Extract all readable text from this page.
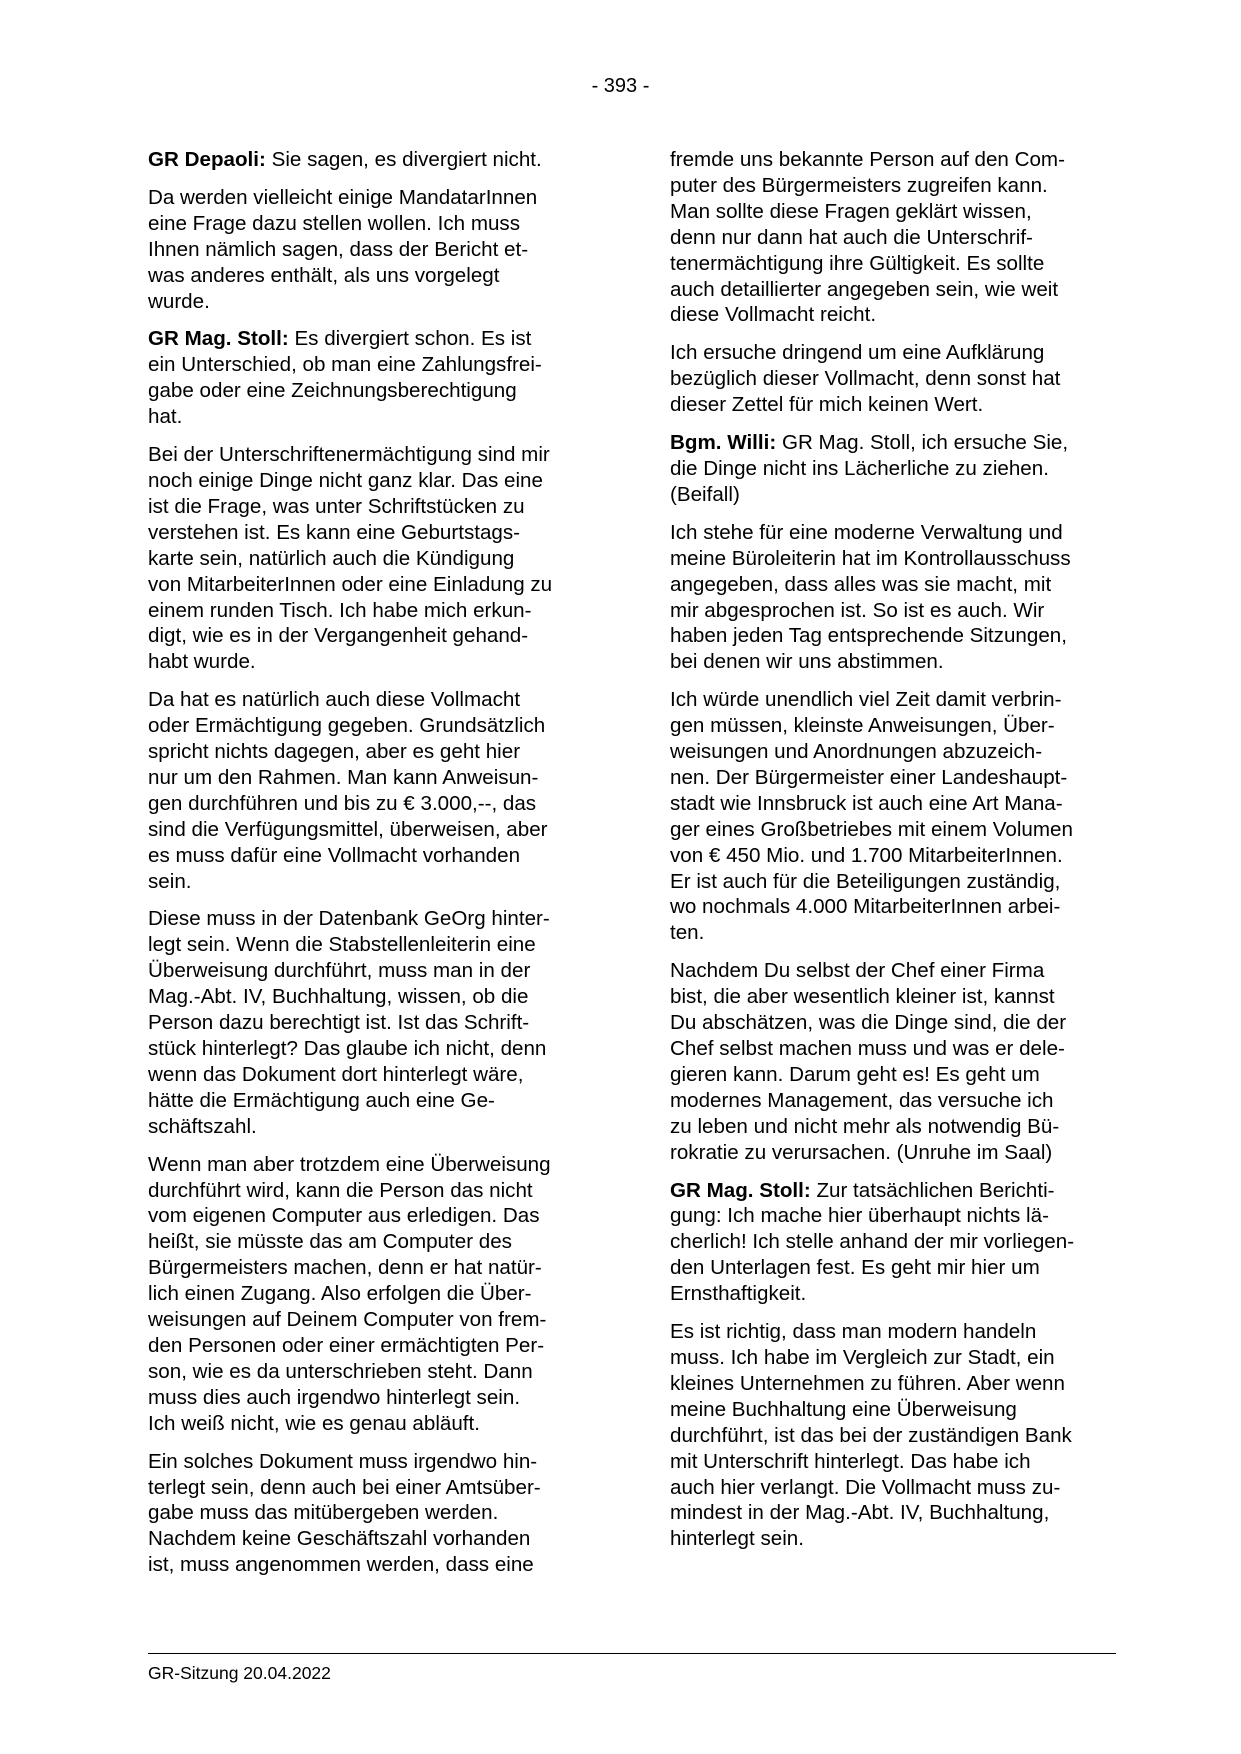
- 393 -

GR Depaoli: Sie sagen, es divergiert nicht.

Da werden vielleicht einige MandatarInnen
eine Frage dazu stellen wollen. Ich muss
Ihnen nämlich sagen, dass der Bericht et-
was anderes enthält, als uns vorgelegt
wurde.

GR Mag. Stoll: Es divergiert schon. Es ist
ein Unterschied, ob man eine Zahlungsfrei-
gabe oder eine Zeichnungsberechtigung
hat.

Bei der Unterschriftenermächtigung sind mir
noch einige Dinge nicht ganz klar. Das eine
ist die Frage, was unter Schriftstücken zu
verstehen ist. Es kann eine Geburtstags-
karte sein, natürlich auch die Kündigung
von MitarbeiterInnen oder eine Einladung zu
einem runden Tisch. Ich habe mich erkun-
digt, wie es in der Vergangenheit gehand-
habt wurde.

Da hat es natürlich auch diese Vollmacht
oder Ermächtigung gegeben. Grundsätzlich
spricht nichts dagegen, aber es geht hier
nur um den Rahmen. Man kann Anweisun-
gen durchführen und bis zu € 3.000,--, das
sind die Verfügungsmittel, überweisen, aber
es muss dafür eine Vollmacht vorhanden
sein.

Diese muss in der Datenbank GeOrg hinter-
legt sein. Wenn die Stabstellenleiterin eine
Überweisung durchführt, muss man in der
Mag.-Abt. IV, Buchhaltung, wissen, ob die
Person dazu berechtigt ist. Ist das Schrift-
stück hinterlegt? Das glaube ich nicht, denn
wenn das Dokument dort hinterlegt wäre,
hätte die Ermächtigung auch eine Ge-
schäftszahl.

Wenn man aber trotzdem eine Überweisung
durchführt wird, kann die Person das nicht
vom eigenen Computer aus erledigen. Das
heißt, sie müsste das am Computer des
Bürgermeisters machen, denn er hat natür-
lich einen Zugang. Also erfolgen die Über-
weisungen auf Deinem Computer von frem-
den Personen oder einer ermächtigten Per-
son, wie es da unterschrieben steht. Dann
muss dies auch irgendwo hinterlegt sein.
Ich weiß nicht, wie es genau abläuft.

Ein solches Dokument muss irgendwo hin-
terlegt sein, denn auch bei einer Amtsüber-
gabe muss das mitübergeben werden.
Nachdem keine Geschäftszahl vorhanden
ist, muss angenommen werden, dass eine

fremde uns bekannte Person auf den Com-
puter des Bürgermeisters zugreifen kann.
Man sollte diese Fragen geklärt wissen,
denn nur dann hat auch die Unterschrif-
tenermächtigung ihre Gültigkeit. Es sollte
auch detaillierter angegeben sein, wie weit
diese Vollmacht reicht.

Ich ersuche dringend um eine Aufklärung
bezüglich dieser Vollmacht, denn sonst hat
dieser Zettel für mich keinen Wert.

Bgm. Willi: GR Mag. Stoll, ich ersuche Sie,
die Dinge nicht ins Lächerliche zu ziehen.
(Beifall)

Ich stehe für eine moderne Verwaltung und
meine Büroleiterin hat im Kontrollausschuss
angegeben, dass alles was sie macht, mit
mir abgesprochen ist. So ist es auch. Wir
haben jeden Tag entsprechende Sitzungen,
bei denen wir uns abstimmen.

Ich würde unendlich viel Zeit damit verbrin-
gen müssen, kleinste Anweisungen, Über-
weisungen und Anordnungen abzuzeich-
nen. Der Bürgermeister einer Landeshaupt-
stadt wie Innsbruck ist auch eine Art Mana-
ger eines Großbetriebes mit einem Volumen
von € 450 Mio. und 1.700 MitarbeiterInnen.
Er ist auch für die Beteiligungen zuständig,
wo nochmals 4.000 MitarbeiterInnen arbei-
ten.

Nachdem Du selbst der Chef einer Firma
bist, die aber wesentlich kleiner ist, kannst
Du abschätzen, was die Dinge sind, die der
Chef selbst machen muss und was er dele-
gieren kann. Darum geht es! Es geht um
modernes Management, das versuche ich
zu leben und nicht mehr als notwendig Bü-
rokratie zu verursachen. (Unruhe im Saal)

GR Mag. Stoll: Zur tatsächlichen Berichti-
gung: Ich mache hier überhaupt nichts lä-
cherlich! Ich stelle anhand der mir vorliegen-
den Unterlagen fest. Es geht mir hier um
Ernsthaftigkeit.

Es ist richtig, dass man modern handeln
muss. Ich habe im Vergleich zur Stadt, ein
kleines Unternehmen zu führen. Aber wenn
meine Buchhaltung eine Überweisung
durchführt, ist das bei der zuständigen Bank
mit Unterschrift hinterlegt. Das habe ich
auch hier verlangt. Die Vollmacht muss zu-
mindest in der Mag.-Abt. IV, Buchhaltung,
hinterlegt sein.

GR-Sitzung 20.04.2022
